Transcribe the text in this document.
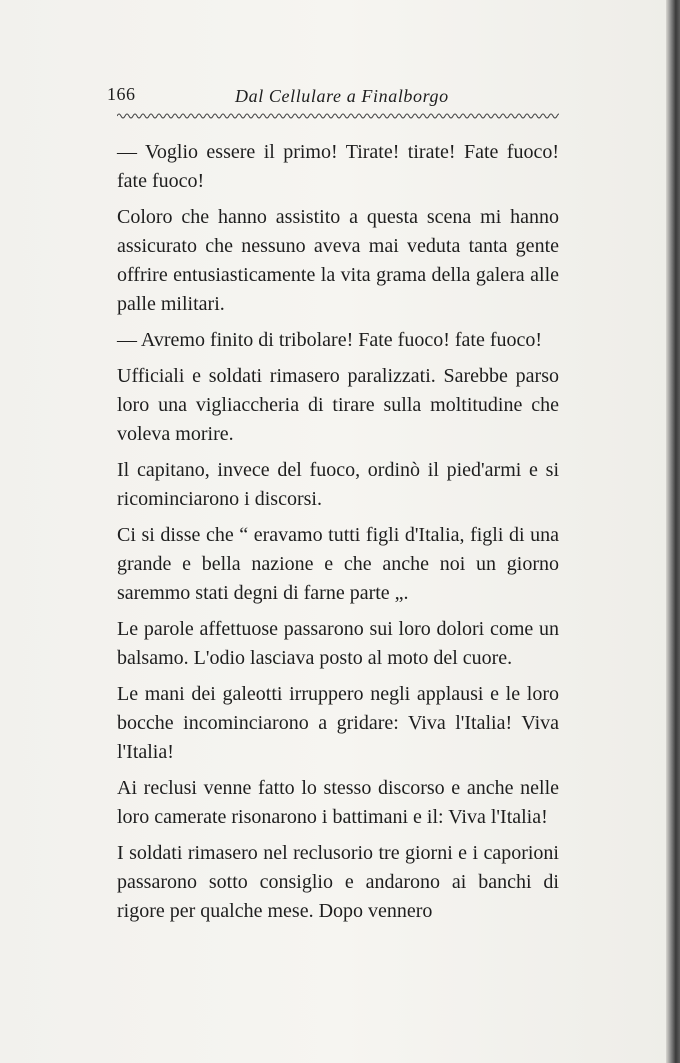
166	Dal Cellulare a Finalborgo

— Voglio essere il primo! Tirate! tirate! Fate fuoco! fate fuoco!

Coloro che hanno assistito a questa scena mi hanno assicurato che nessuno aveva mai veduta tanta gente offrire entusiasticamente la vita grama della galera alle palle militari.

— Avremo finito di tribolare! Fate fuoco! fate fuoco!

Ufficiali e soldati rimasero paralizzati. Sarebbe parso loro una vigliaccheria di tirare sulla moltitudine che voleva morire.

Il capitano, invece del fuoco, ordinò il pied'armi e si ricominciarono i discorsi.

Ci si disse che “ eravamo tutti figli d'Italia, figli di una grande e bella nazione e che anche noi un giorno saremmo stati degni di farne parte „.

Le parole affettuose passarono sui loro dolori come un balsamo. L'odio lasciava posto al moto del cuore.

Le mani dei galeotti irruppero negli applausi e le loro bocche incominciarono a gridare: Viva l'Italia! Viva l'Italia!

Ai reclusi venne fatto lo stesso discorso e anche nelle loro camerate risonarono i battimani e il: Viva l'Italia!

I soldati rimasero nel reclusorio tre giorni e i caporioni passarono sotto consiglio e andarono ai banchi di rigore per qualche mese. Dopo vennero
